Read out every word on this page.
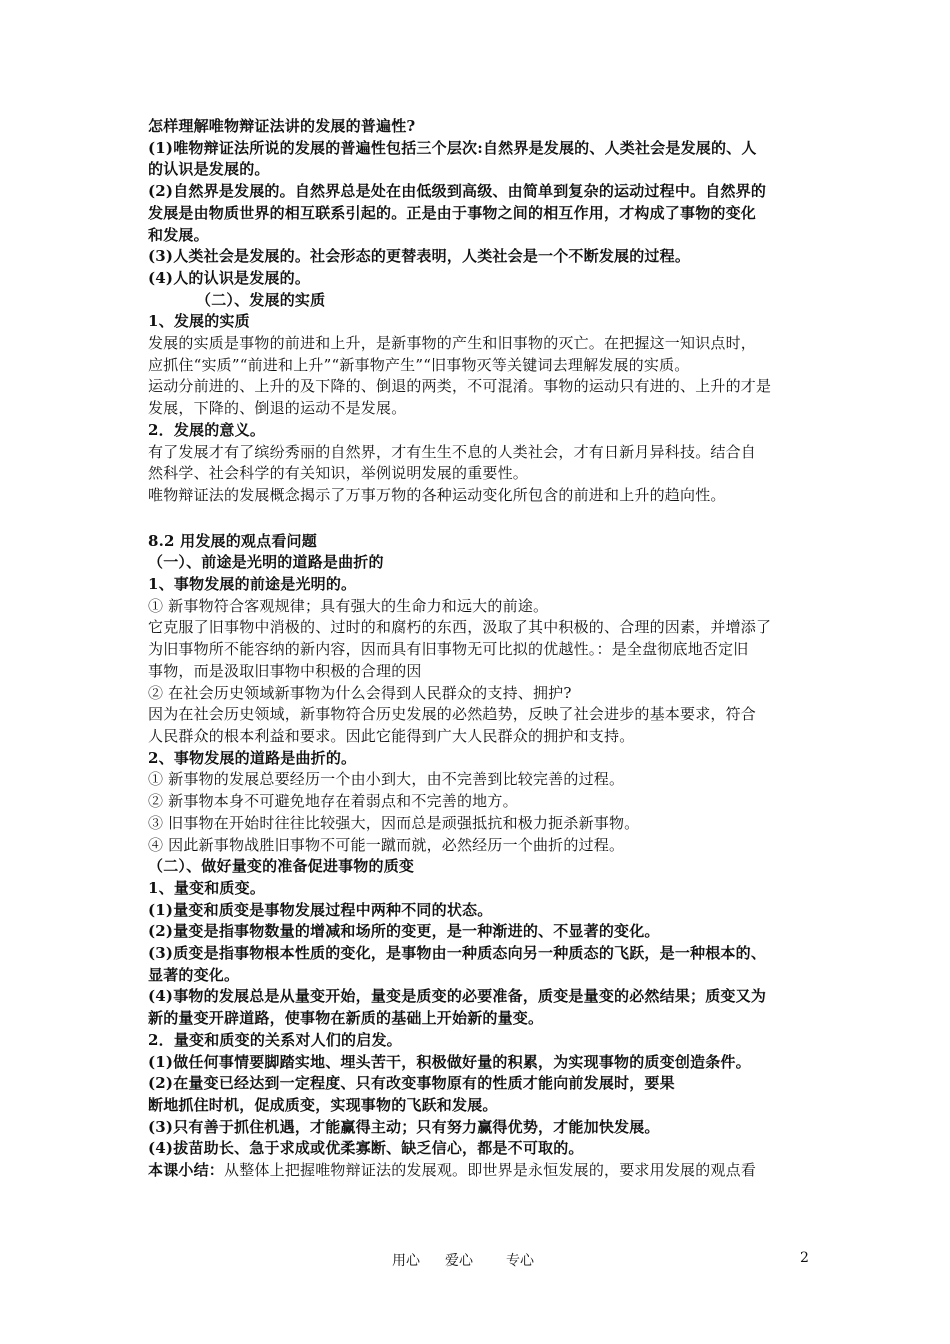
怎样理解唯物辩证法讲的发展的普遍性?
(1)唯物辩证法所说的发展的普遍性包括三个层次:自然界是发展的、人类社会是发展的、人
的认识是发展的。
(2)自然界是发展的。自然界总是处在由低级到高级、由简单到复杂的运动过程中。自然界的
发展是由物质世界的相互联系引起的。正是由于事物之间的相互作用，才构成了事物的变化
和发展。
(3)人类社会是发展的。社会形态的更替表明，人类社会是一个不断发展的过程。
(4)人的认识是发展的。
（二）、发展的实质
1、发展的实质
发展的实质是事物的前进和上升，是新事物的产生和旧事物的灭亡。在把握这一知识点时，
应抓住“实质”“前进和上升”“新事物产生”“旧事物灭等关键词去理解发展的实质。
运动分前进的、上升的及下降的、倒退的两类，不可混淆。事物的运动只有进的、上升的才是
发展，下降的、倒退的运动不是发展。
2．发展的意义。
有了发展才有了缤纷秀丽的自然界，才有生生不息的人类社会，才有日新月异科技。结合自
然科学、社会科学的有关知识，举例说明发展的重要性。
唯物辩证法的发展概念揭示了万事万物的各种运动变化所包含的前进和上升的趋向性。
8.2 用发展的观点看问题
（一）、前途是光明的道路是曲折的
1、事物发展的前途是光明的。
① 新事物符合客观规律；具有强大的生命力和远大的前途。
它克服了旧事物中消极的、过时的和腐朽的东西，汲取了其中积极的、合理的因素，并增添了
为旧事物所不能容纳的新内容，因而具有旧事物无可比拟的优越性。：是全盘彻底地否定旧
事物，而是汲取旧事物中积极的合理的因
② 在社会历史领域新事物为什么会得到人民群众的支持、拥护?
因为在社会历史领域，新事物符合历史发展的必然趋势，反映了社会进步的基本要求，符合
人民群众的根本利益和要求。因此它能得到广大人民群众的拥护和支持。
2、事物发展的道路是曲折的。
① 新事物的发展总要经历一个由小到大，由不完善到比较完善的过程。
② 新事物本身不可避免地存在着弱点和不完善的地方。
③ 旧事物在开始时往往比较强大，因而总是顽强抵抗和极力扼杀新事物。
④ 因此新事物战胜旧事物不可能一蹴而就，必然经历一个曲折的过程。
（二）、做好量变的准备促进事物的质变
1、量变和质变。
(1)量变和质变是事物发展过程中两种不同的状态。
(2)量变是指事物数量的增减和场所的变更，是一种渐进的、不显著的变化。
(3)质变是指事物根本性质的变化，是事物由一种质态向另一种质态的飞跃，是一种根本的、
显著的变化。
(4)事物的发展总是从量变开始，量变是质变的必要准备，质变是量变的必然结果；质变又为
新的量变开辟道路，使事物在新质的基础上开始新的量变。
2．量变和质变的关系对人们的启发。
(1)做任何事情要脚踏实地、埋头苦干，积极做好量的积累，为实现事物的质变创造条件。
(2)在量变已经达到一定程度、只有改变事物原有的性质才能向前发展时，要果
断地抓住时机，促成质变，实现事物的飞跃和发展。
(3)只有善于抓住机遇，才能赢得主动；只有努力赢得优势，才能加快发展。
(4)拔苗助长、急于求成或优柔寡断、缺乏信心，都是不可取的。
本课小结：从整体上把握唯物辩证法的发展观。即世界是永恒发展的，要求用发展的观点看
用心 爱心 专心	2
